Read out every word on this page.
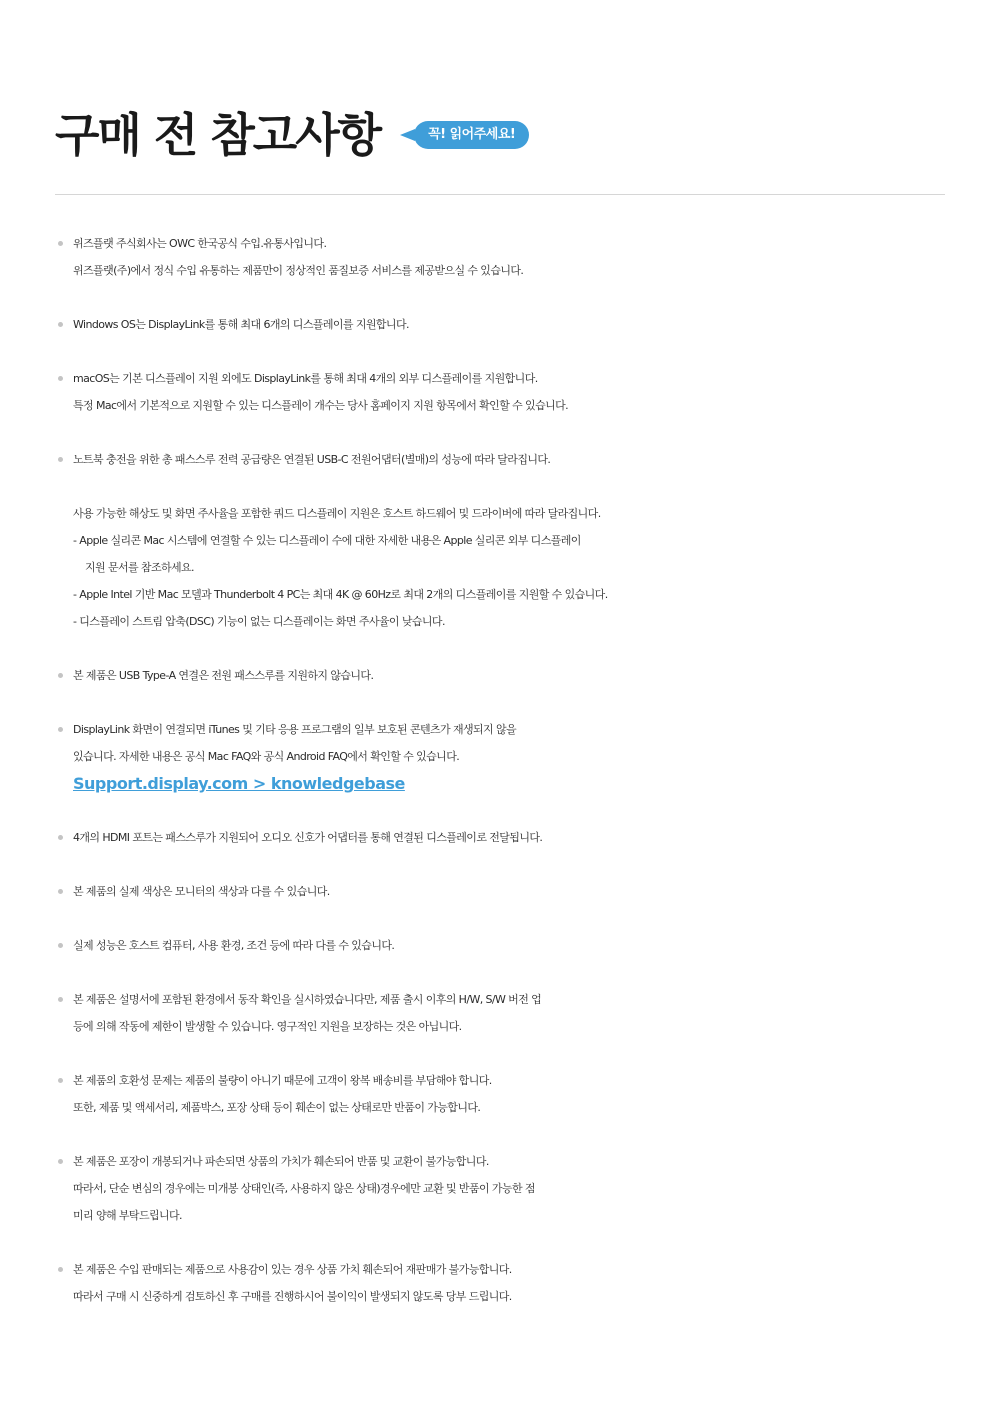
구매 전 참고사항	꼭! 읽어주세요!
위즈플랫 주식회사는 OWC 한국공식 수입.유통사입니다.
위즈플랫(주)에서 정식 수입 유통하는 제품만이 정상적인 품질보증 서비스를 제공받으실 수 있습니다.
Windows OS는 DisplayLink를 통해 최대 6개의 디스플레이를 지원합니다.
macOS는 기본 디스플레이 지원 외에도 DisplayLink를 통해 최대 4개의 외부 디스플레이를 지원합니다.
특정 Mac에서 기본적으로 지원할 수 있는 디스플레이 개수는 당사 홈페이지 지원 항목에서 확인할 수 있습니다.
노트북 충전을 위한 총 패스스루 전력 공급량은 연결된 USB-C 전원어댑터(별매)의 성능에 따라 달라집니다.
사용 가능한 해상도 및 화면 주사율을 포함한 쿼드 디스플레이 지원은 호스트 하드웨어 및 드라이버에 따라 달라집니다.
- Apple 실리콘 Mac 시스템에 연결할 수 있는 디스플레이 수에 대한 자세한 내용은 Apple 실리콘 외부 디스플레이
지원 문서를 참조하세요.
- Apple Intel 기반 Mac 모델과 Thunderbolt 4 PC는 최대 4K @ 60Hz로 최대 2개의 디스플레이를 지원할 수 있습니다.
- 디스플레이 스트림 압축(DSC) 기능이 없는 디스플레이는 화면 주사율이 낮습니다.
본 제품은 USB Type-A 연결은 전원 패스스루를 지원하지 않습니다.
DisplayLink 화면이 연결되면 iTunes 및 기타 응용 프로그램의 일부 보호된 콘텐츠가 재생되지 않을
있습니다. 자세한 내용은 공식 Mac FAQ와 공식 Android FAQ에서 확인할 수 있습니다.
Support.display.com > knowledgebase
4개의 HDMI 포트는 패스스루가 지원되어 오디오 신호가 어댑터를 통해 연결된 디스플레이로 전달됩니다.
본 제품의 실제 색상은 모니터의 색상과 다를 수 있습니다.
실제 성능은 호스트 컴퓨터, 사용 환경, 조건 등에 따라 다를 수 있습니다.
본 제품은 설명서에 포함된 환경에서 동작 확인을 실시하였습니다만, 제품 출시 이후의 H/W, S/W 버전 업
등에 의해 작동에 제한이 발생할 수 있습니다. 영구적인 지원을 보장하는 것은 아닙니다.
본 제품의 호환성 문제는 제품의 불량이 아니기 때문에 고객이 왕복 배송비를 부담해야 합니다.
또한, 제품 및 액세서리, 제품박스, 포장 상태 등이 훼손이 없는 상태로만 반품이 가능합니다.
본 제품은 포장이 개봉되거나 파손되면 상품의 가치가 훼손되어 반품 및 교환이 불가능합니다.
따라서, 단순 변심의 경우에는 미개봉 상태인(즉, 사용하지 않은 상태)경우에만 교환 및 반품이 가능한 점
미리 양해 부탁드립니다.
본 제품은 수입 판매되는 제품으로 사용감이 있는 경우 상품 가치 훼손되어 재판매가 불가능합니다.
따라서 구매 시 신중하게 검토하신 후 구매를 진행하시어 불이익이 발생되지 않도록 당부 드립니다.
